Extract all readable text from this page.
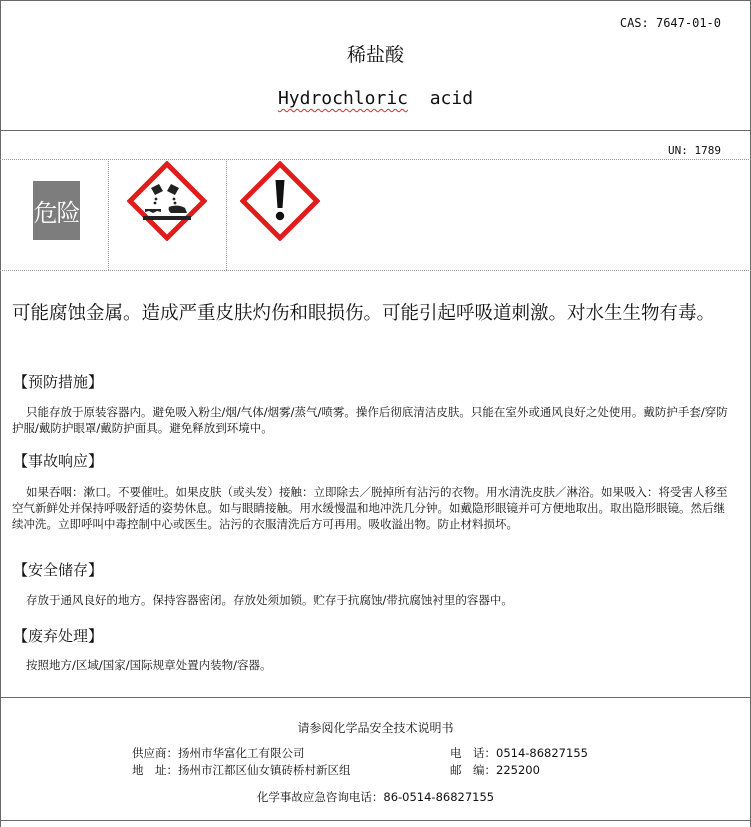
CAS: 7647-01-0
稀盐酸
Hydrochloric acid
UN: 1789
危险
可能腐蚀金属。造成严重皮肤灼伤和眼损伤。可能引起呼吸道刺激。对水生生物有毒。
【预防措施】
只能存放于原装容器内。避免吸入粉尘/烟/气体/烟雾/蒸气/喷雾。操作后彻底清洁皮肤。只能在室外或通风良好之处使用。戴防护手套/穿防护服/戴防护眼罩/戴防护面具。避免释放到环境中。
【事故响应】
如果吞咽：漱口。不要催吐。如果皮肤（或头发）接触：立即除去／脱掉所有沾污的衣物。用水清洗皮肤／淋浴。如果吸入：将受害人移至空气新鲜处并保持呼吸舒适的姿势休息。如与眼睛接触。用水缓慢温和地冲洗几分钟。如戴隐形眼镜并可方便地取出。取出隐形眼镜。然后继续冲洗。立即呼叫中毒控制中心或医生。沾污的衣服清洗后方可再用。吸收溢出物。防止材料损坏。
【安全储存】
存放于通风良好的地方。保持容器密闭。存放处须加锁。贮存于抗腐蚀/带抗腐蚀衬里的容器中。
【废弃处理】
按照地方/区域/国家/国际规章处置内装物/容器。
请参阅化学品安全技术说明书
供应商：扬州市华富化工有限公司
地　址：扬州市江都区仙女镇砖桥村新区组
电　话：0514-86827155
邮　编：225200
化学事故应急咨询电话：86-0514-86827155
